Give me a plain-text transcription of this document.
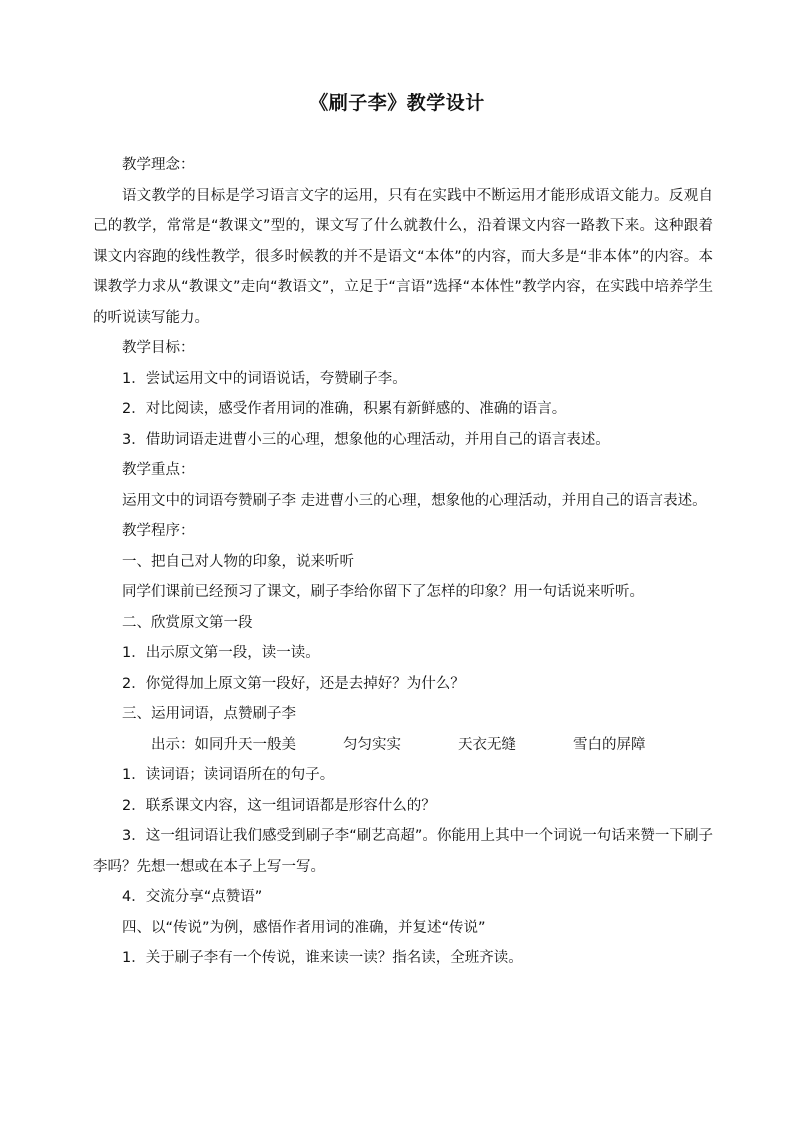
《刷子李》教学设计

教学理念：

语文教学的目标是学习语言文字的运用，只有在实践中不断运用才能形成语文能力。反观自己的教学，常常是“教课文”型的，课文写了什么就教什么，沿着课文内容一路教下来。这种跟着课文内容跑的线性教学，很多时候教的并不是语文“本体”的内容，而大多是“非本体”的内容。本课教学力求从“教课文”走向“教语文”，立足于“言语”选择“本体性”教学内容，在实践中培养学生的听说读写能力。

教学目标：

1．尝试运用文中的词语说话，夸赞刷子李。

2．对比阅读，感受作者用词的准确，积累有新鲜感的、准确的语言。

3．借助词语走进曹小三的心理，想象他的心理活动，并用自己的语言表述。

教学重点：

运用文中的词语夸赞刷子李 走进曹小三的心理，想象他的心理活动，并用自己的语言表述。

教学程序：

一、把自己对人物的印象，说来听听

同学们课前已经预习了课文，刷子李给你留下了怎样的印象？用一句话说来听听。

二、欣赏原文第一段

1．出示原文第一段，读一读。

2．你觉得加上原文第一段好，还是去掉好？为什么？

三、运用词语，点赞刷子李

出示：如同升天一般美	匀匀实实	天衣无缝	雪白的屏障

1．读词语；读词语所在的句子。

2．联系课文内容，这一组词语都是形容什么的？

3．这一组词语让我们感受到刷子李“刷艺高超”。你能用上其中一个词说一句话来赞一下刷子李吗？先想一想或在本子上写一写。

4．交流分享“点赞语”

四、以“传说”为例，感悟作者用词的准确，并复述“传说”

1．关于刷子李有一个传说，谁来读一读？指名读，全班齐读。
